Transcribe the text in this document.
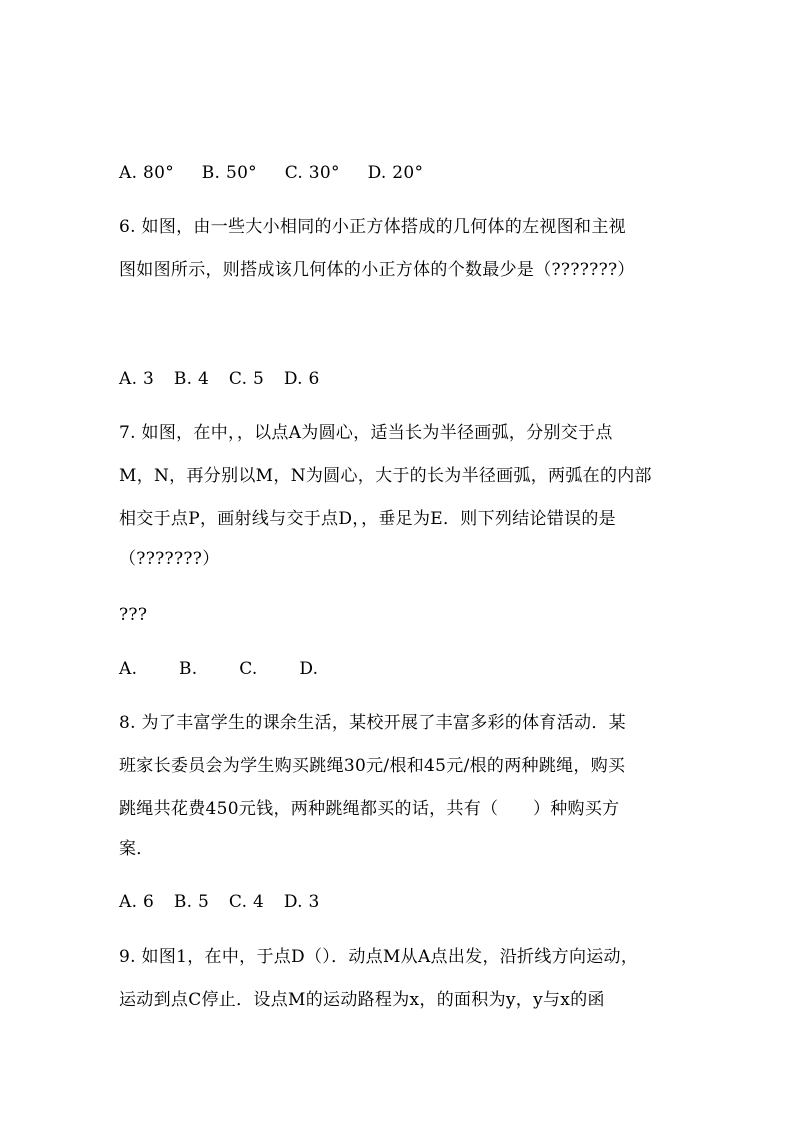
A. 80° B. 50° C. 30° D. 20°
6. 如图，由一些大小相同的小正方体搭成的几何体的左视图和主视
图如图所示，则搭成该几何体的小正方体的个数最少是（???????）
A. 3 B. 4 C. 5 D. 6
7. 如图，在中，，以点A为圆心，适当长为半径画弧，分别交于点
M，N，再分别以M，N为圆心，大于的长为半径画弧，两弧在的内部
相交于点P，画射线与交于点D，，垂足为E．则下列结论错误的是
（???????）
???
A. B. C. D.
8. 为了丰富学生的课余生活，某校开展了丰富多彩的体育活动．某
班家长委员会为学生购买跳绳30元/根和45元/根的两种跳绳，购买
跳绳共花费450元钱，两种跳绳都买的话，共有（　　）种购买方
案．
A. 6 B. 5 C. 4 D. 3
9. 如图1，在中，于点D（）．动点M从A点出发，沿折线方向运动，
运动到点C停止．设点M的运动路程为x，的面积为y，y与x的函
